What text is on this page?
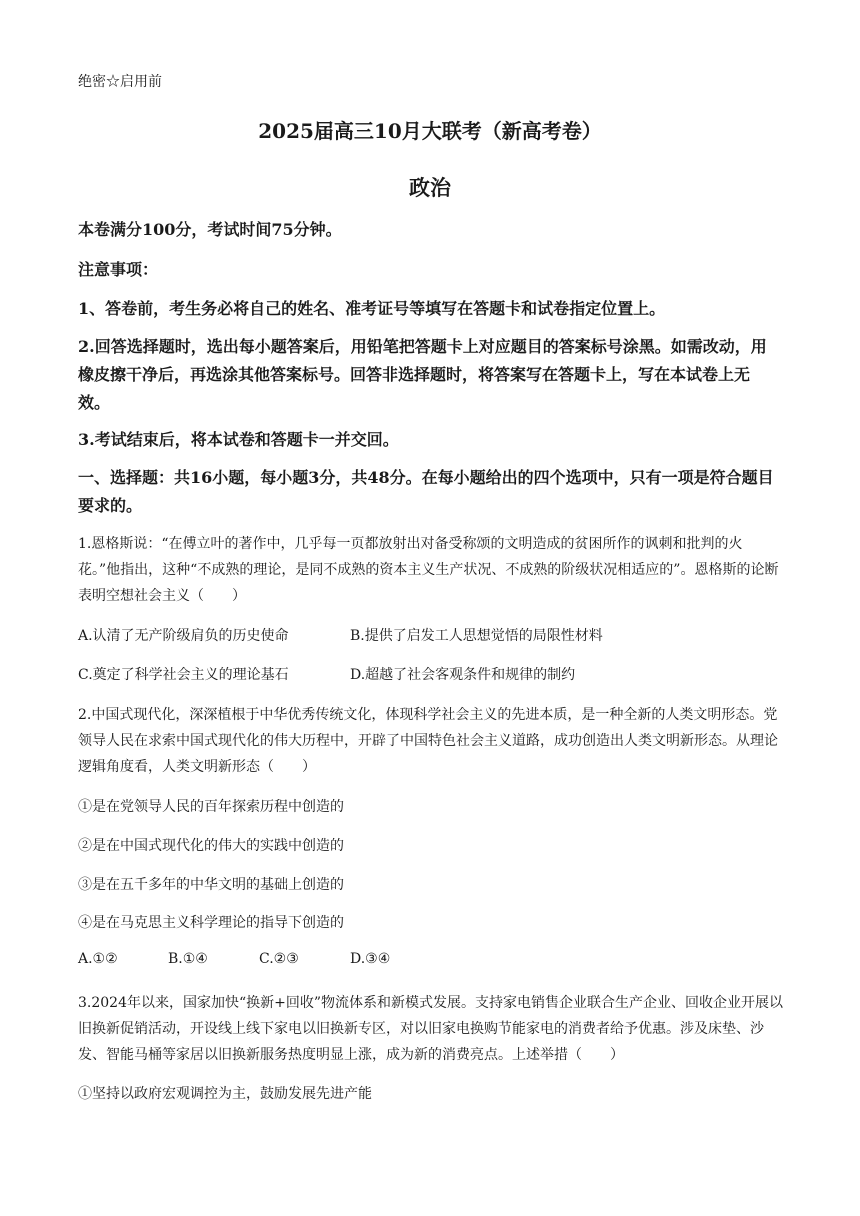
绝密☆启用前
2025届高三10月大联考（新高考卷）
政治
本卷满分100分，考试时间75分钟。
注意事项：
1、答卷前，考生务必将自己的姓名、准考证号等填写在答题卡和试卷指定位置上。
2.回答选择题时，选出每小题答案后，用铅笔把答题卡上对应题目的答案标号涂黑。如需改动，用橡皮擦干净后，再选涂其他答案标号。回答非选择题时，将答案写在答题卡上，写在本试卷上无效。
3.考试结束后，将本试卷和答题卡一并交回。
一、选择题：共16小题，每小题3分，共48分。在每小题给出的四个选项中，只有一项是符合题目要求的。
1.恩格斯说：“在傅立叶的著作中，几乎每一页都放射出对备受称颂的文明造成的贫困所作的讽刺和批判的火花。”他指出，这种“不成熟的理论，是同不成熟的资本主义生产状况、不成熟的阶级状况相适应的”。恩格斯的论断表明空想社会主义（　　）
A.认清了无产阶级肩负的历史使命	B.提供了启发工人思想觉悟的局限性材料
C.奠定了科学社会主义的理论基石	D.超越了社会客观条件和规律的制约
2.中国式现代化，深深植根于中华优秀传统文化，体现科学社会主义的先进本质，是一种全新的人类文明形态。党领导人民在求索中国式现代化的伟大历程中，开辟了中国特色社会主义道路，成功创造出人类文明新形态。从理论逻辑角度看，人类文明新形态（　　）
①是在党领导人民的百年探索历程中创造的
②是在中国式现代化的伟大的实践中创造的
③是在五千多年的中华文明的基础上创造的
④是在马克思主义科学理论的指导下创造的
A.①②	B.①④	C.②③	D.③④
3.2024年以来，国家加快“换新+回收”物流体系和新模式发展。支持家电销售企业联合生产企业、回收企业开展以旧换新促销活动，开设线上线下家电以旧换新专区，对以旧家电换购节能家电的消费者给予优惠。涉及床垫、沙发、智能马桶等家居以旧换新服务热度明显上涨，成为新的消费亮点。上述举措（　　）
①坚持以政府宏观调控为主，鼓励发展先进产能
